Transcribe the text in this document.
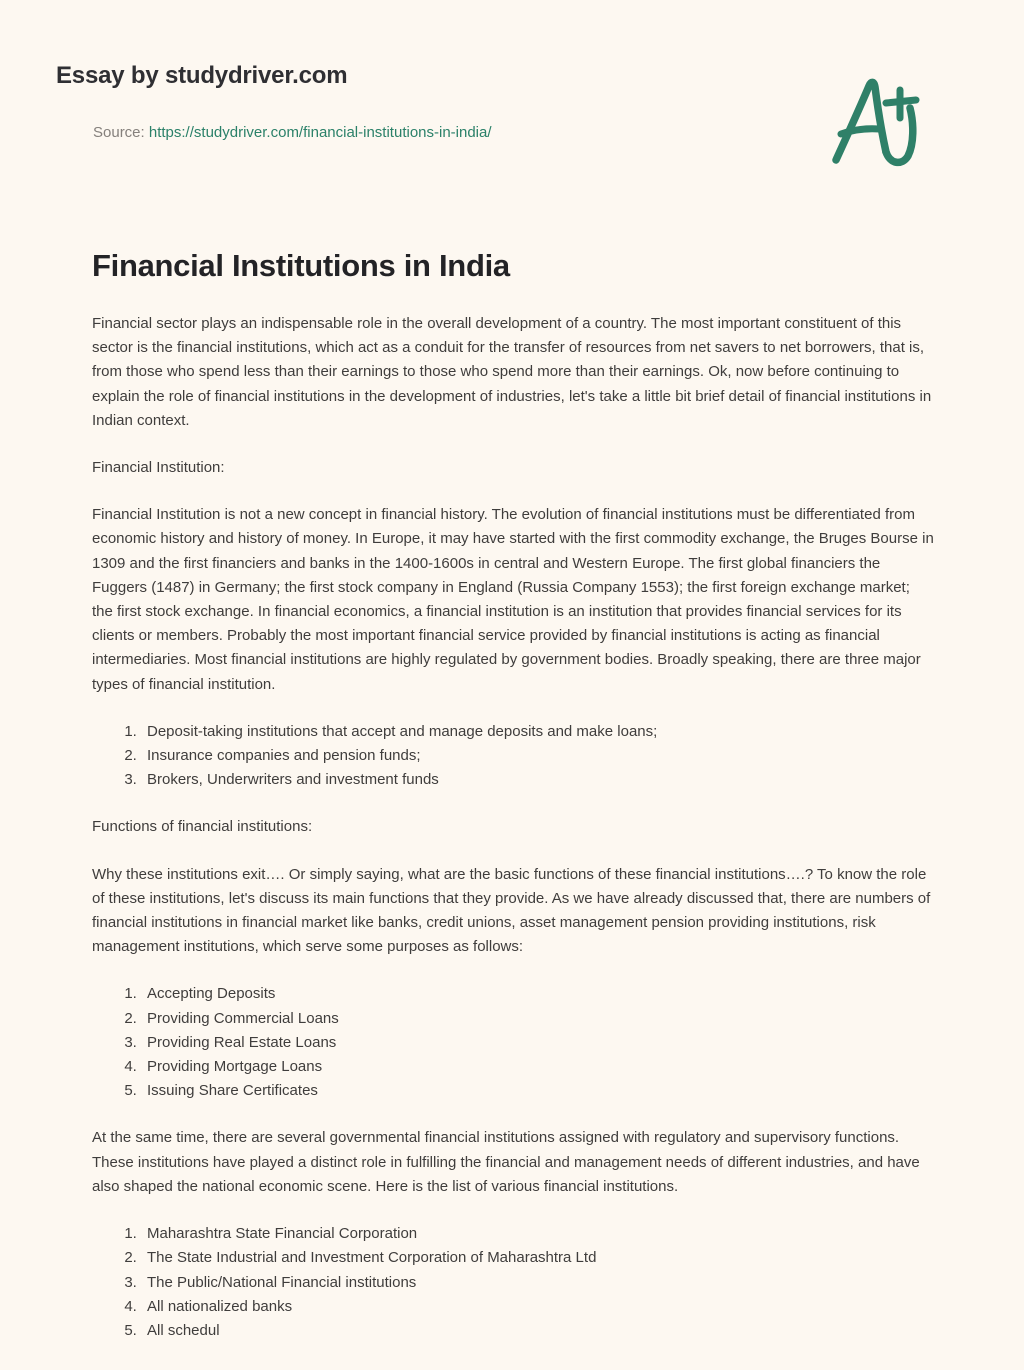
Essay by studydriver.com
Source: https://studydriver.com/financial-institutions-in-india/
Financial Institutions in India

Financial sector plays an indispensable role in the overall development of a country. The most important constituent of this sector is the financial institutions, which act as a conduit for the transfer of resources from net savers to net borrowers, that is, from those who spend less than their earnings to those who spend more than their earnings. Ok, now before continuing to explain the role of financial institutions in the development of industries, let's take a little bit brief detail of financial institutions in Indian context.

Financial Institution:

Financial Institution is not a new concept in financial history. The evolution of financial institutions must be differentiated from economic history and history of money. In Europe, it may have started with the first commodity exchange, the Bruges Bourse in 1309 and the first financiers and banks in the 1400-1600s in central and Western Europe. The first global financiers the Fuggers (1487) in Germany; the first stock company in England (Russia Company 1553); the first foreign exchange market; the first stock exchange. In financial economics, a financial institution is an institution that provides financial services for its clients or members. Probably the most important financial service provided by financial institutions is acting as financial intermediaries. Most financial institutions are highly regulated by government bodies. Broadly speaking, there are three major types of financial institution.

1. Deposit-taking institutions that accept and manage deposits and make loans;
2. Insurance companies and pension funds;
3. Brokers, Underwriters and investment funds

Functions of financial institutions:

Why these institutions exit…. Or simply saying, what are the basic functions of these financial institutions….? To know the role of these institutions, let's discuss its main functions that they provide. As we have already discussed that, there are numbers of financial institutions in financial market like banks, credit unions, asset management pension providing institutions, risk management institutions, which serve some purposes as follows:

1. Accepting Deposits
2. Providing Commercial Loans
3. Providing Real Estate Loans
4. Providing Mortgage Loans
5. Issuing Share Certificates

At the same time, there are several governmental financial institutions assigned with regulatory and supervisory functions. These institutions have played a distinct role in fulfilling the financial and management needs of different industries, and have also shaped the national economic scene. Here is the list of various financial institutions.

1. Maharashtra State Financial Corporation
2. The State Industrial and Investment Corporation of Maharashtra Ltd
3. The Public/National Financial institutions
4. All nationalized banks
5. All schedul
